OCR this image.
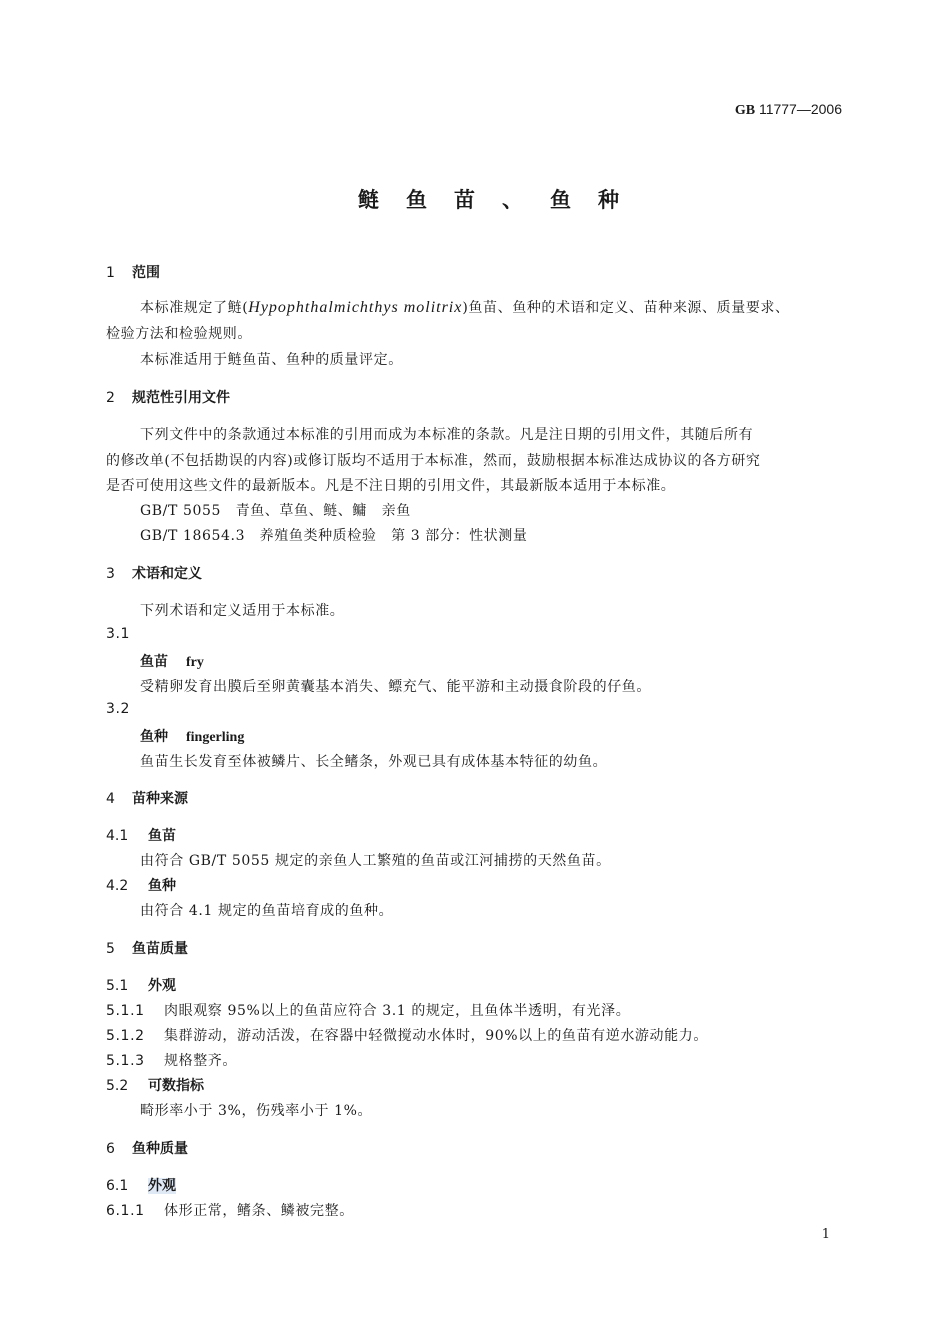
GB 11777—2006
鲢鱼苗、鱼种
1 范围
本标准规定了鲢(Hypophthalmichthys molitrix)鱼苗、鱼种的术语和定义、苗种来源、质量要求、
检验方法和检验规则。
本标准适用于鲢鱼苗、鱼种的质量评定。
2 规范性引用文件
下列文件中的条款通过本标准的引用而成为本标准的条款。凡是注日期的引用文件，其随后所有
的修改单(不包括勘误的内容)或修订版均不适用于本标准，然而，鼓励根据本标准达成协议的各方研究
是否可使用这些文件的最新版本。凡是不注日期的引用文件，其最新版本适用于本标准。
GB/T 5055　青鱼、草鱼、鲢、鳙　亲鱼
GB/T 18654.3　养殖鱼类种质检验　第 3 部分：性状测量
3 术语和定义
下列术语和定义适用于本标准。
3.1
鱼苗 fry
受精卵发育出膜后至卵黄囊基本消失、鳔充气、能平游和主动摄食阶段的仔鱼。
3.2
鱼种 fingerling
鱼苗生长发育至体被鳞片、长全鳍条，外观已具有成体基本特征的幼鱼。
4 苗种来源
4.1 鱼苗
由符合 GB/T 5055 规定的亲鱼人工繁殖的鱼苗或江河捕捞的天然鱼苗。
4.2 鱼种
由符合 4.1 规定的鱼苗培育成的鱼种。
5 鱼苗质量
5.1 外观
5.1.1 肉眼观察 95%以上的鱼苗应符合 3.1 的规定，且鱼体半透明，有光泽。
5.1.2 集群游动，游动活泼，在容器中轻微搅动水体时，90%以上的鱼苗有逆水游动能力。
5.1.3 规格整齐。
5.2 可数指标
畸形率小于 3%，伤残率小于 1%。
6 鱼种质量
6.1 外观
6.1.1 体形正常，鳍条、鳞被完整。
1
